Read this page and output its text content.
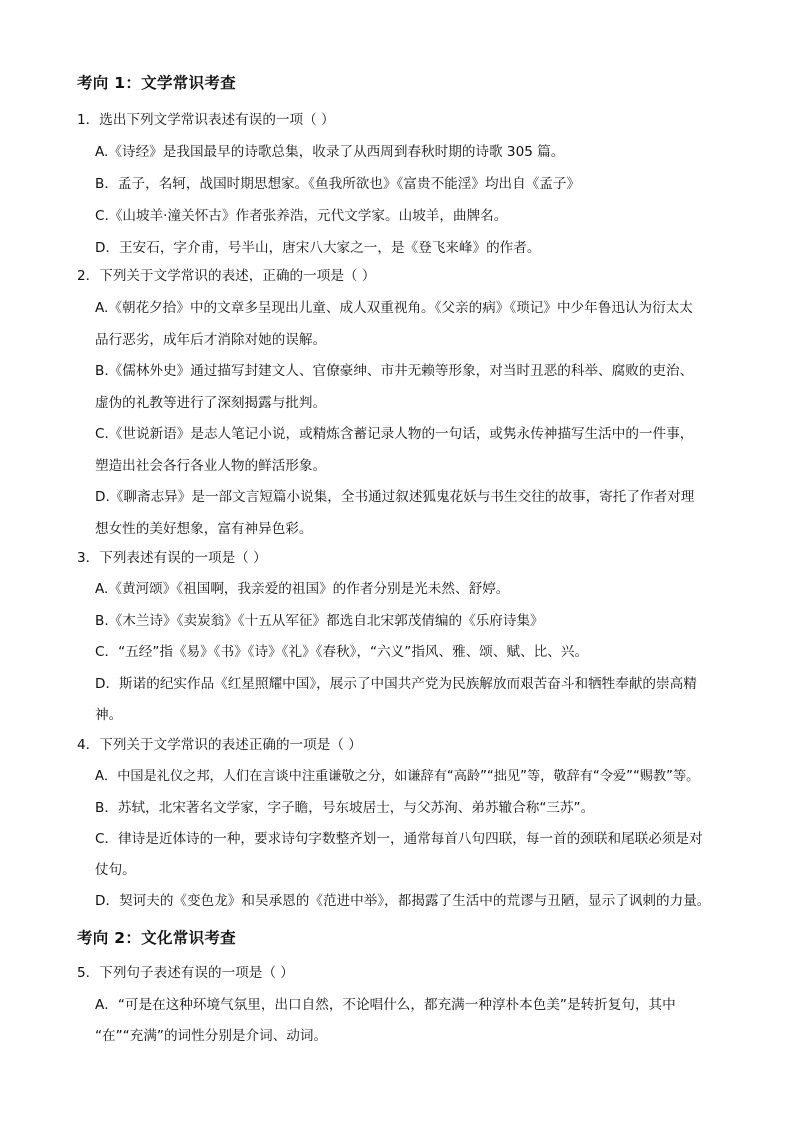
考向 1：文学常识考查
1．选出下列文学常识表述有误的一项（ ）
A.《诗经》是我国最早的诗歌总集，收录了从西周到春秋时期的诗歌 305 篇。
B．孟子，名轲，战国时期思想家。《鱼我所欲也》《富贵不能淫》均出自《孟子》
C.《山坡羊·潼关怀古》作者张养浩，元代文学家。山坡羊，曲牌名。
D．王安石，字介甫，号半山，唐宋八大家之一，是《登飞来峰》的作者。
2．下列关于文学常识的表述，正确的一项是（ ）
A.《朝花夕拾》中的文章多呈现出儿童、成人双重视角。《父亲的病》《琐记》中少年鲁迅认为衍太太
品行恶劣，成年后才消除对她的误解。
B.《儒林外史》通过描写封建文人、官僚豪绅、市井无赖等形象，对当时丑恶的科举、腐败的吏治、
虚伪的礼教等进行了深刻揭露与批判。
C.《世说新语》是志人笔记小说，或精炼含蓄记录人物的一句话，或隽永传神描写生活中的一件事，
塑造出社会各行各业人物的鲜活形象。
D.《聊斋志异》是一部文言短篇小说集，全书通过叙述狐鬼花妖与书生交往的故事，寄托了作者对理
想女性的美好想象，富有神异色彩。
3．下列表述有误的一项是（ ）
A.《黄河颂》《祖国啊，我亲爱的祖国》的作者分别是光未然、舒婷。
B.《木兰诗》《卖炭翁》《十五从军征》都选自北宋郭茂倩编的《乐府诗集》
C．“五经”指《易》《书》《诗》《礼》《春秋》，“六义”指风、雅、颂、赋、比、兴。
D．斯诺的纪实作品《红星照耀中国》，展示了中国共产党为民族解放而艰苦奋斗和牺牲奉献的崇高精
神。
4．下列关于文学常识的表述正确的一项是（ ）
A．中国是礼仪之邦，人们在言谈中注重谦敬之分，如谦辞有“高龄”“拙见”等，敬辞有“令爱”“赐教”等。
B．苏轼，北宋著名文学家，字子瞻，号东坡居士，与父苏洵、弟苏辙合称“三苏”。
C．律诗是近体诗的一种，要求诗句字数整齐划一，通常每首八句四联，每一首的颈联和尾联必须是对
仗句。
D．契诃夫的《变色龙》和吴承恩的《范进中举》，都揭露了生活中的荒谬与丑陋，显示了讽刺的力量。
考向 2：文化常识考查
5．下列句子表述有误的一项是（ ）
A．“可是在这种环境气氛里，出口自然，不论唱什么，都充满一种淳朴本色美”是转折复句，其中
“在”“充满”的词性分别是介词、动词。
